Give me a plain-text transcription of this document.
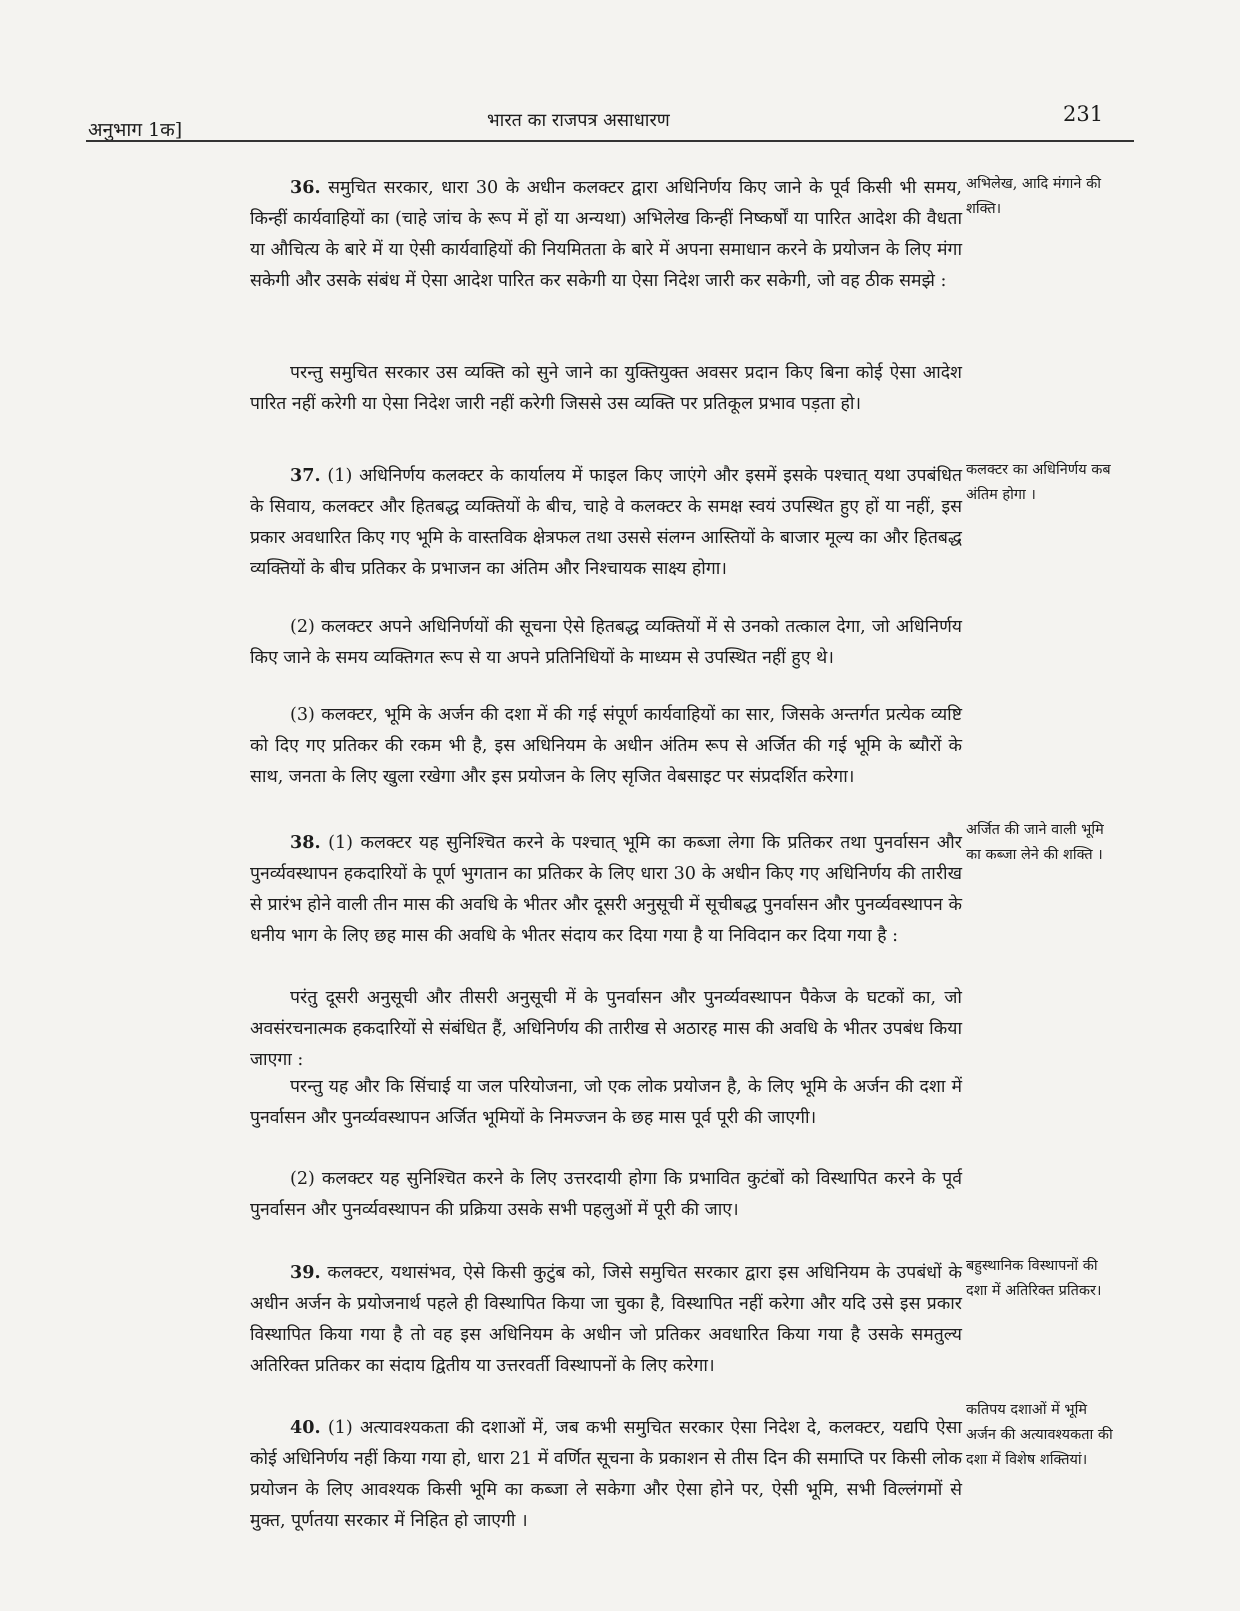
अनुभाग 1क]	भारत का राजपत्र असाधारण	231
36. समुचित सरकार, धारा 30 के अधीन कलक्टर द्वारा अधिनिर्णय किए जाने के पूर्व किसी भी समय, किन्हीं कार्यवाहियों का (चाहे जांच के रूप में हों या अन्यथा) अभिलेख किन्हीं निष्कर्षों या पारित आदेश की वैधता या औचित्य के बारे में या ऐसी कार्यवाहियों की नियमितता के बारे में अपना समाधान करने के प्रयोजन के लिए मंगा सकेगी और उसके संबंध में ऐसा आदेश पारित कर सकेगी या ऐसा निदेश जारी कर सकेगी, जो वह ठीक समझे :
अभिलेख, आदि मंगाने की शक्ति।
परन्तु समुचित सरकार उस व्यक्ति को सुने जाने का युक्तियुक्त अवसर प्रदान किए बिना कोई ऐसा आदेश पारित नहीं करेगी या ऐसा निदेश जारी नहीं करेगी जिससे उस व्यक्ति पर प्रतिकूल प्रभाव पड़ता हो।
37. (1) अधिनिर्णय कलक्टर के कार्यालय में फाइल किए जाएंगे और इसमें इसके पश्चात् यथा उपबंधित के सिवाय, कलक्टर और हितबद्ध व्यक्तियों के बीच, चाहे वे कलक्टर के समक्ष स्वयं उपस्थित हुए हों या नहीं, इस प्रकार अवधारित किए गए भूमि के वास्तविक क्षेत्रफल तथा उससे संलग्न आस्तियों के बाजार मूल्य का और हितबद्ध व्यक्तियों के बीच प्रतिकर के प्रभाजन का अंतिम और निश्चायक साक्ष्य होगा।
कलक्टर का अधिनिर्णय कब अंतिम होगा ।
(2) कलक्टर अपने अधिनिर्णयों की सूचना ऐसे हितबद्ध व्यक्तियों में से उनको तत्काल देगा, जो अधिनिर्णय किए जाने के समय व्यक्तिगत रूप से या अपने प्रतिनिधियों के माध्यम से उपस्थित नहीं हुए थे।
(3) कलक्टर, भूमि के अर्जन की दशा में की गई संपूर्ण कार्यवाहियों का सार, जिसके अन्तर्गत प्रत्येक व्यष्टि को दिए गए प्रतिकर की रकम भी है, इस अधिनियम के अधीन अंतिम रूप से अर्जित की गई भूमि के ब्यौरों के साथ, जनता के लिए खुला रखेगा और इस प्रयोजन के लिए सृजित वेबसाइट पर संप्रदर्शित करेगा।
38. (1) कलक्टर यह सुनिश्चित करने के पश्चात् भूमि का कब्जा लेगा कि प्रतिकर तथा पुनर्वासन और पुनर्व्यवस्थापन हकदारियों के पूर्ण भुगतान का प्रतिकर के लिए धारा 30 के अधीन किए गए अधिनिर्णय की तारीख से प्रारंभ होने वाली तीन मास की अवधि के भीतर और दूसरी अनुसूची में सूचीबद्ध पुनर्वासन और पुनर्व्यवस्थापन के धनीय भाग के लिए छह मास की अवधि के भीतर संदाय कर दिया गया है या निविदान कर दिया गया है :
अर्जित की जाने वाली भूमि का कब्जा लेने की शक्ति ।
परंतु दूसरी अनुसूची और तीसरी अनुसूची में के पुनर्वासन और पुनर्व्यवस्थापन पैकेज के घटकों का, जो अवसंरचनात्मक हकदारियों से संबंधित हैं, अधिनिर्णय की तारीख से अठारह मास की अवधि के भीतर उपबंध किया जाएगा :
परन्तु यह और कि सिंचाई या जल परियोजना, जो एक लोक प्रयोजन है, के लिए भूमि के अर्जन की दशा में पुनर्वासन और पुनर्व्यवस्थापन अर्जित भूमियों के निमज्जन के छह मास पूर्व पूरी की जाएगी।
(2) कलक्टर यह सुनिश्चित करने के लिए उत्तरदायी होगा कि प्रभावित कुटंबों को विस्थापित करने के पूर्व पुनर्वासन और पुनर्व्यवस्थापन की प्रक्रिया उसके सभी पहलुओं में पूरी की जाए।
39. कलक्टर, यथासंभव, ऐसे किसी कुटुंब को, जिसे समुचित सरकार द्वारा इस अधिनियम के उपबंधों के अधीन अर्जन के प्रयोजनार्थ पहले ही विस्थापित किया जा चुका है, विस्थापित नहीं करेगा और यदि उसे इस प्रकार विस्थापित किया गया है तो वह इस अधिनियम के अधीन जो प्रतिकर अवधारित किया गया है उसके समतुल्य अतिरिक्त प्रतिकर का संदाय द्वितीय या उत्तरवर्ती विस्थापनों के लिए करेगा।
बहुस्थानिक विस्थापनों की दशा में अतिरिक्त प्रतिकर।
40. (1) अत्यावश्यकता की दशाओं में, जब कभी समुचित सरकार ऐसा निदेश दे, कलक्टर, यद्यपि ऐसा कोई अधिनिर्णय नहीं किया गया हो, धारा 21 में वर्णित सूचना के प्रकाशन से तीस दिन की समाप्ति पर किसी लोक प्रयोजन के लिए आवश्यक किसी भूमि का कब्जा ले सकेगा और ऐसा होने पर, ऐसी भूमि, सभी विल्लंगमों से मुक्त, पूर्णतया सरकार में निहित हो जाएगी ।
कतिपय दशाओं में भूमि अर्जन की अत्यावश्यकता की दशा में विशेष शक्तियां।
